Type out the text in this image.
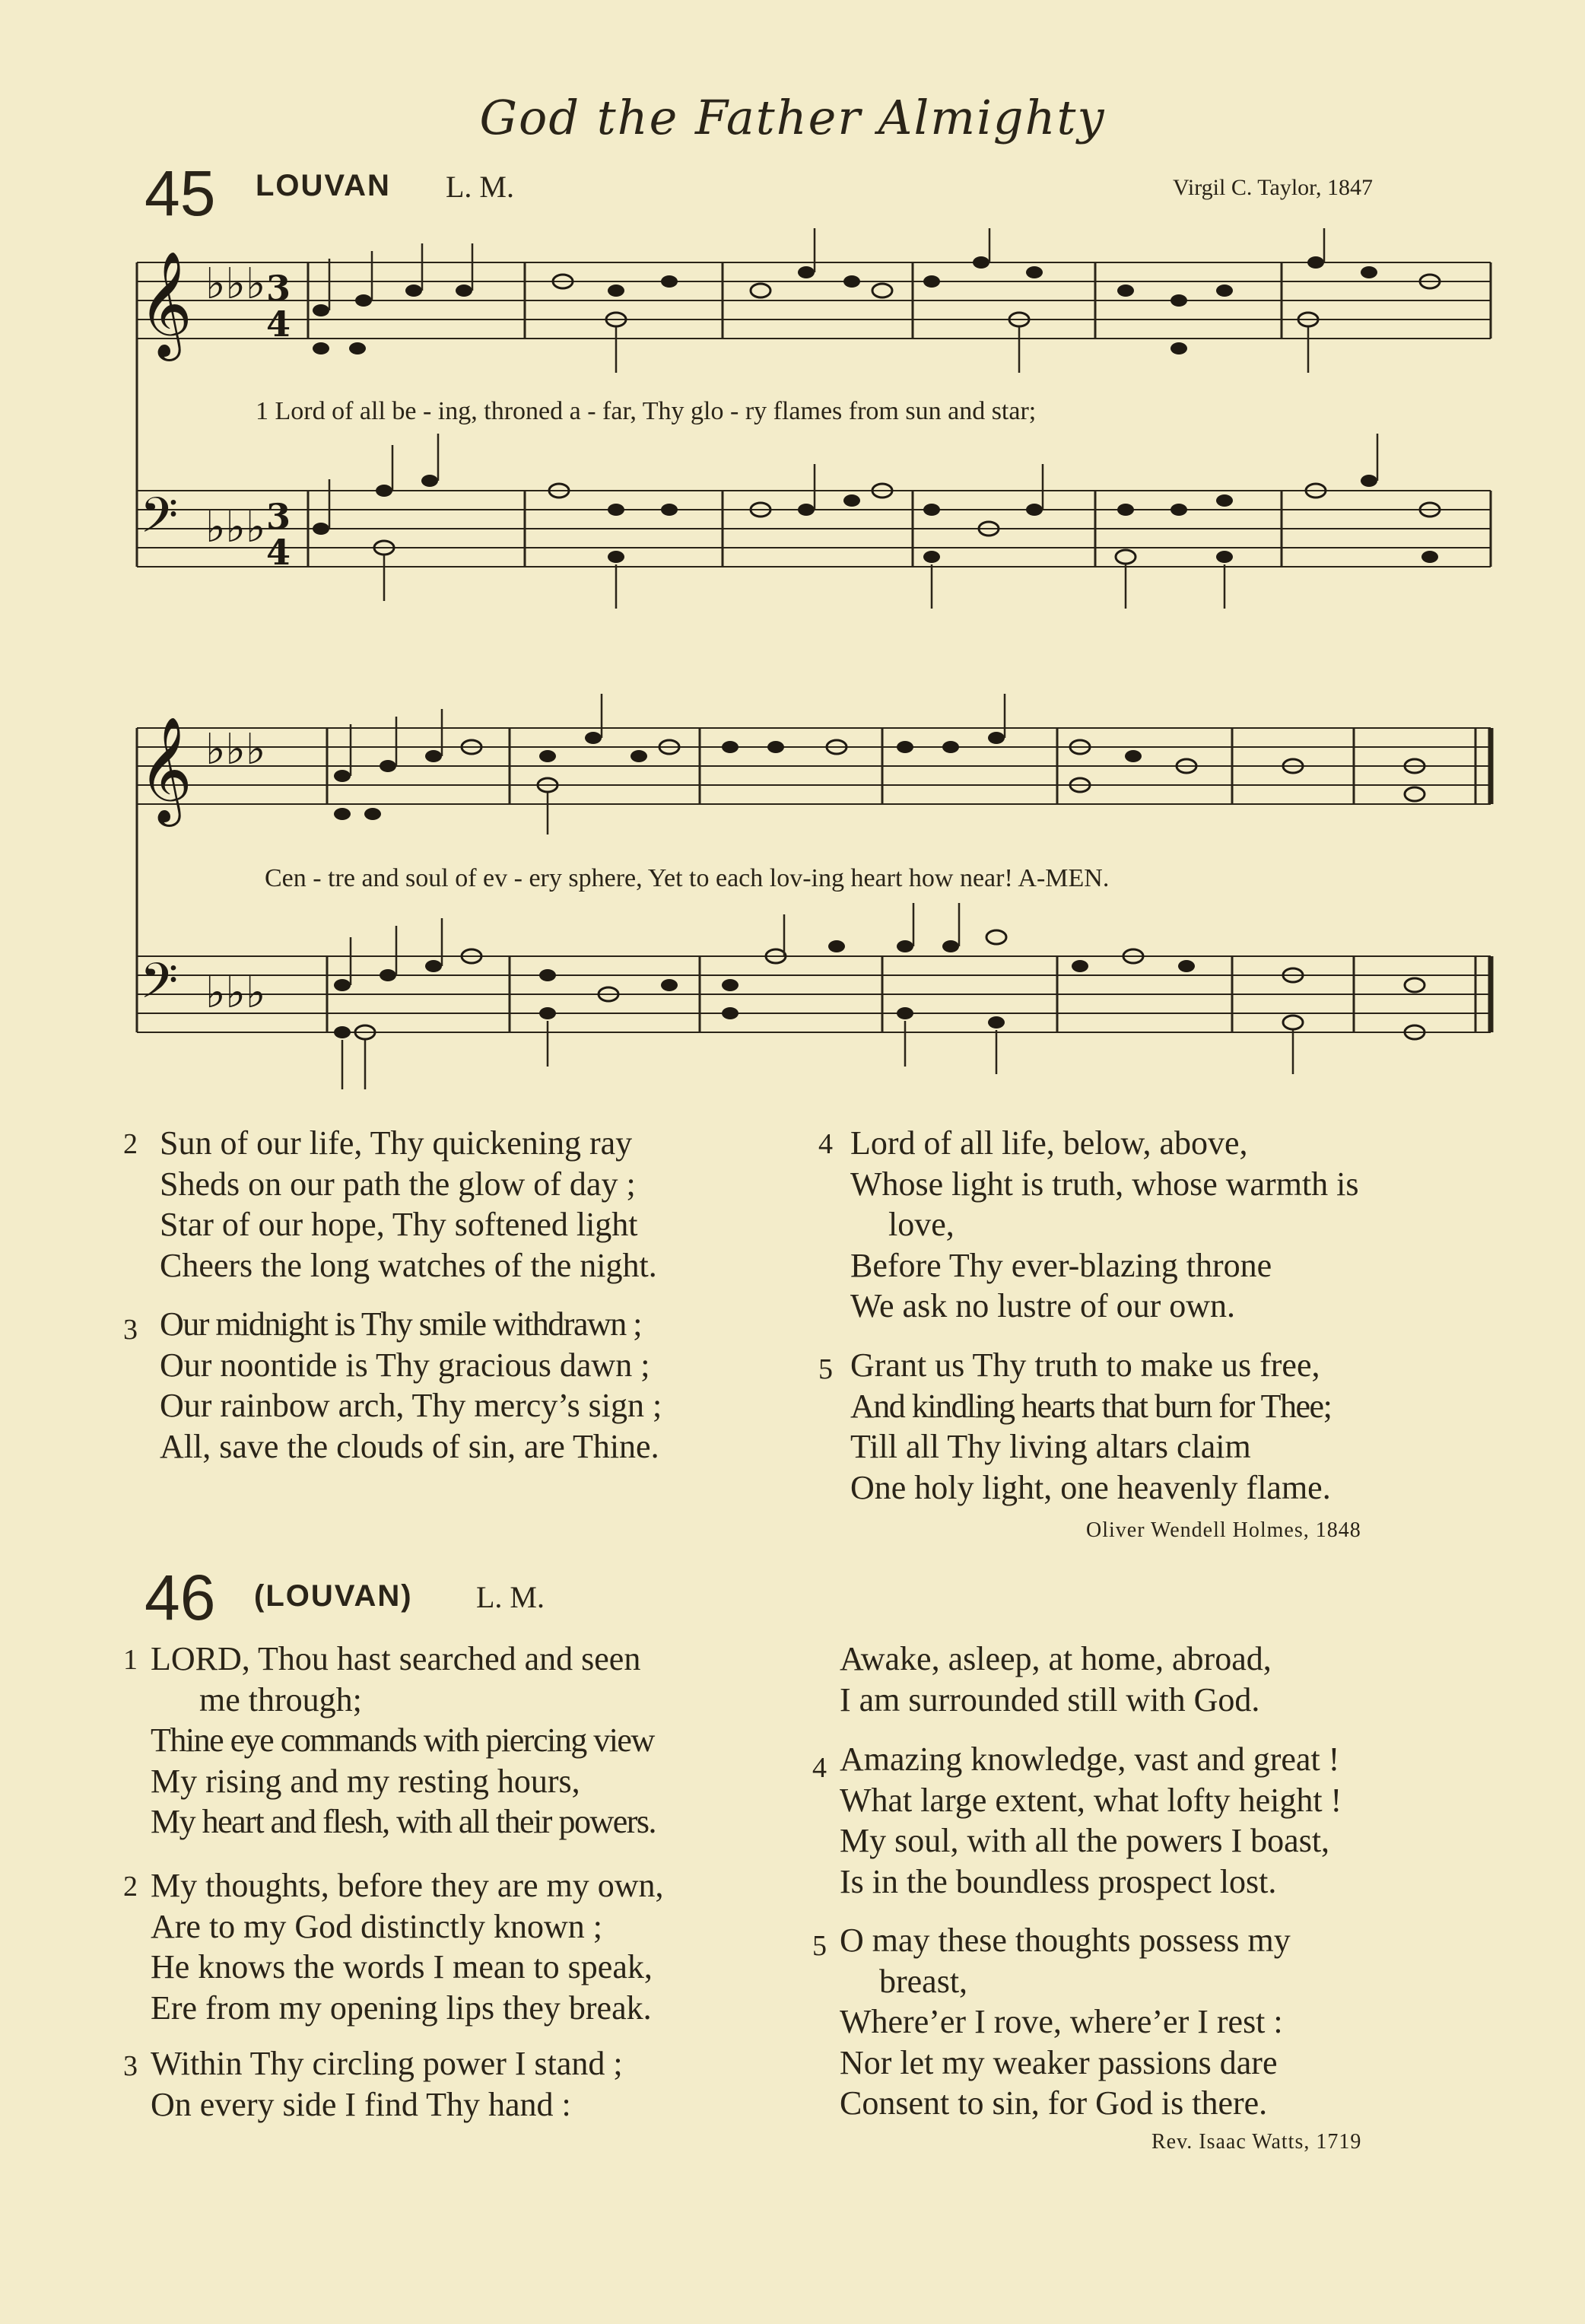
God the Father Almighty
45 LOUVAN L. M.	Virgil C. Taylor, 1847
𝄞 ♭♭♭ 3
4
𝄢 ♭♭♭ 3
4
1 Lord of all be - ing, throned a - far, Thy glo - ry flames from sun and star;
𝄞 ♭♭♭
𝄢 ♭♭♭
Cen - tre and soul of ev - ery sphere, Yet to each lov-ing heart how near! A-MEN.
2 Sun of our life, Thy quickening ray
Sheds on our path the glow of day ;
Star of our hope, Thy softened light
Cheers the long watches of the night.
3 Our midnight is Thy smile withdrawn ;
Our noontide is Thy gracious dawn ;
Our rainbow arch, Thy mercy’s sign ;
All, save the clouds of sin, are Thine.
4 Lord of all life, below, above,
Whose light is truth, whose warmth is
love,
Before Thy ever-blazing throne
We ask no lustre of our own.
5 Grant us Thy truth to make us free,
And kindling hearts that burn for Thee;
Till all Thy living altars claim
One holy light, one heavenly flame.
Oliver Wendell Holmes, 1848
46 (LOUVAN) L. M.
1 LORD, Thou hast searched and seen
me through;
Thine eye commands with piercing view
My rising and my resting hours,
My heart and flesh, with all their powers.
2 My thoughts, before they are my own,
Are to my God distinctly known ;
He knows the words I mean to speak,
Ere from my opening lips they break.
3 Within Thy circling power I stand ;
On every side I find Thy hand :
Awake, asleep, at home, abroad,
I am surrounded still with God.
4 Amazing knowledge, vast and great !
What large extent, what lofty height !
My soul, with all the powers I boast,
Is in the boundless prospect lost.
5 O may these thoughts possess my
breast,
Where’er I rove, where’er I rest :
Nor let my weaker passions dare
Consent to sin, for God is there.
Rev. Isaac Watts, 1719
